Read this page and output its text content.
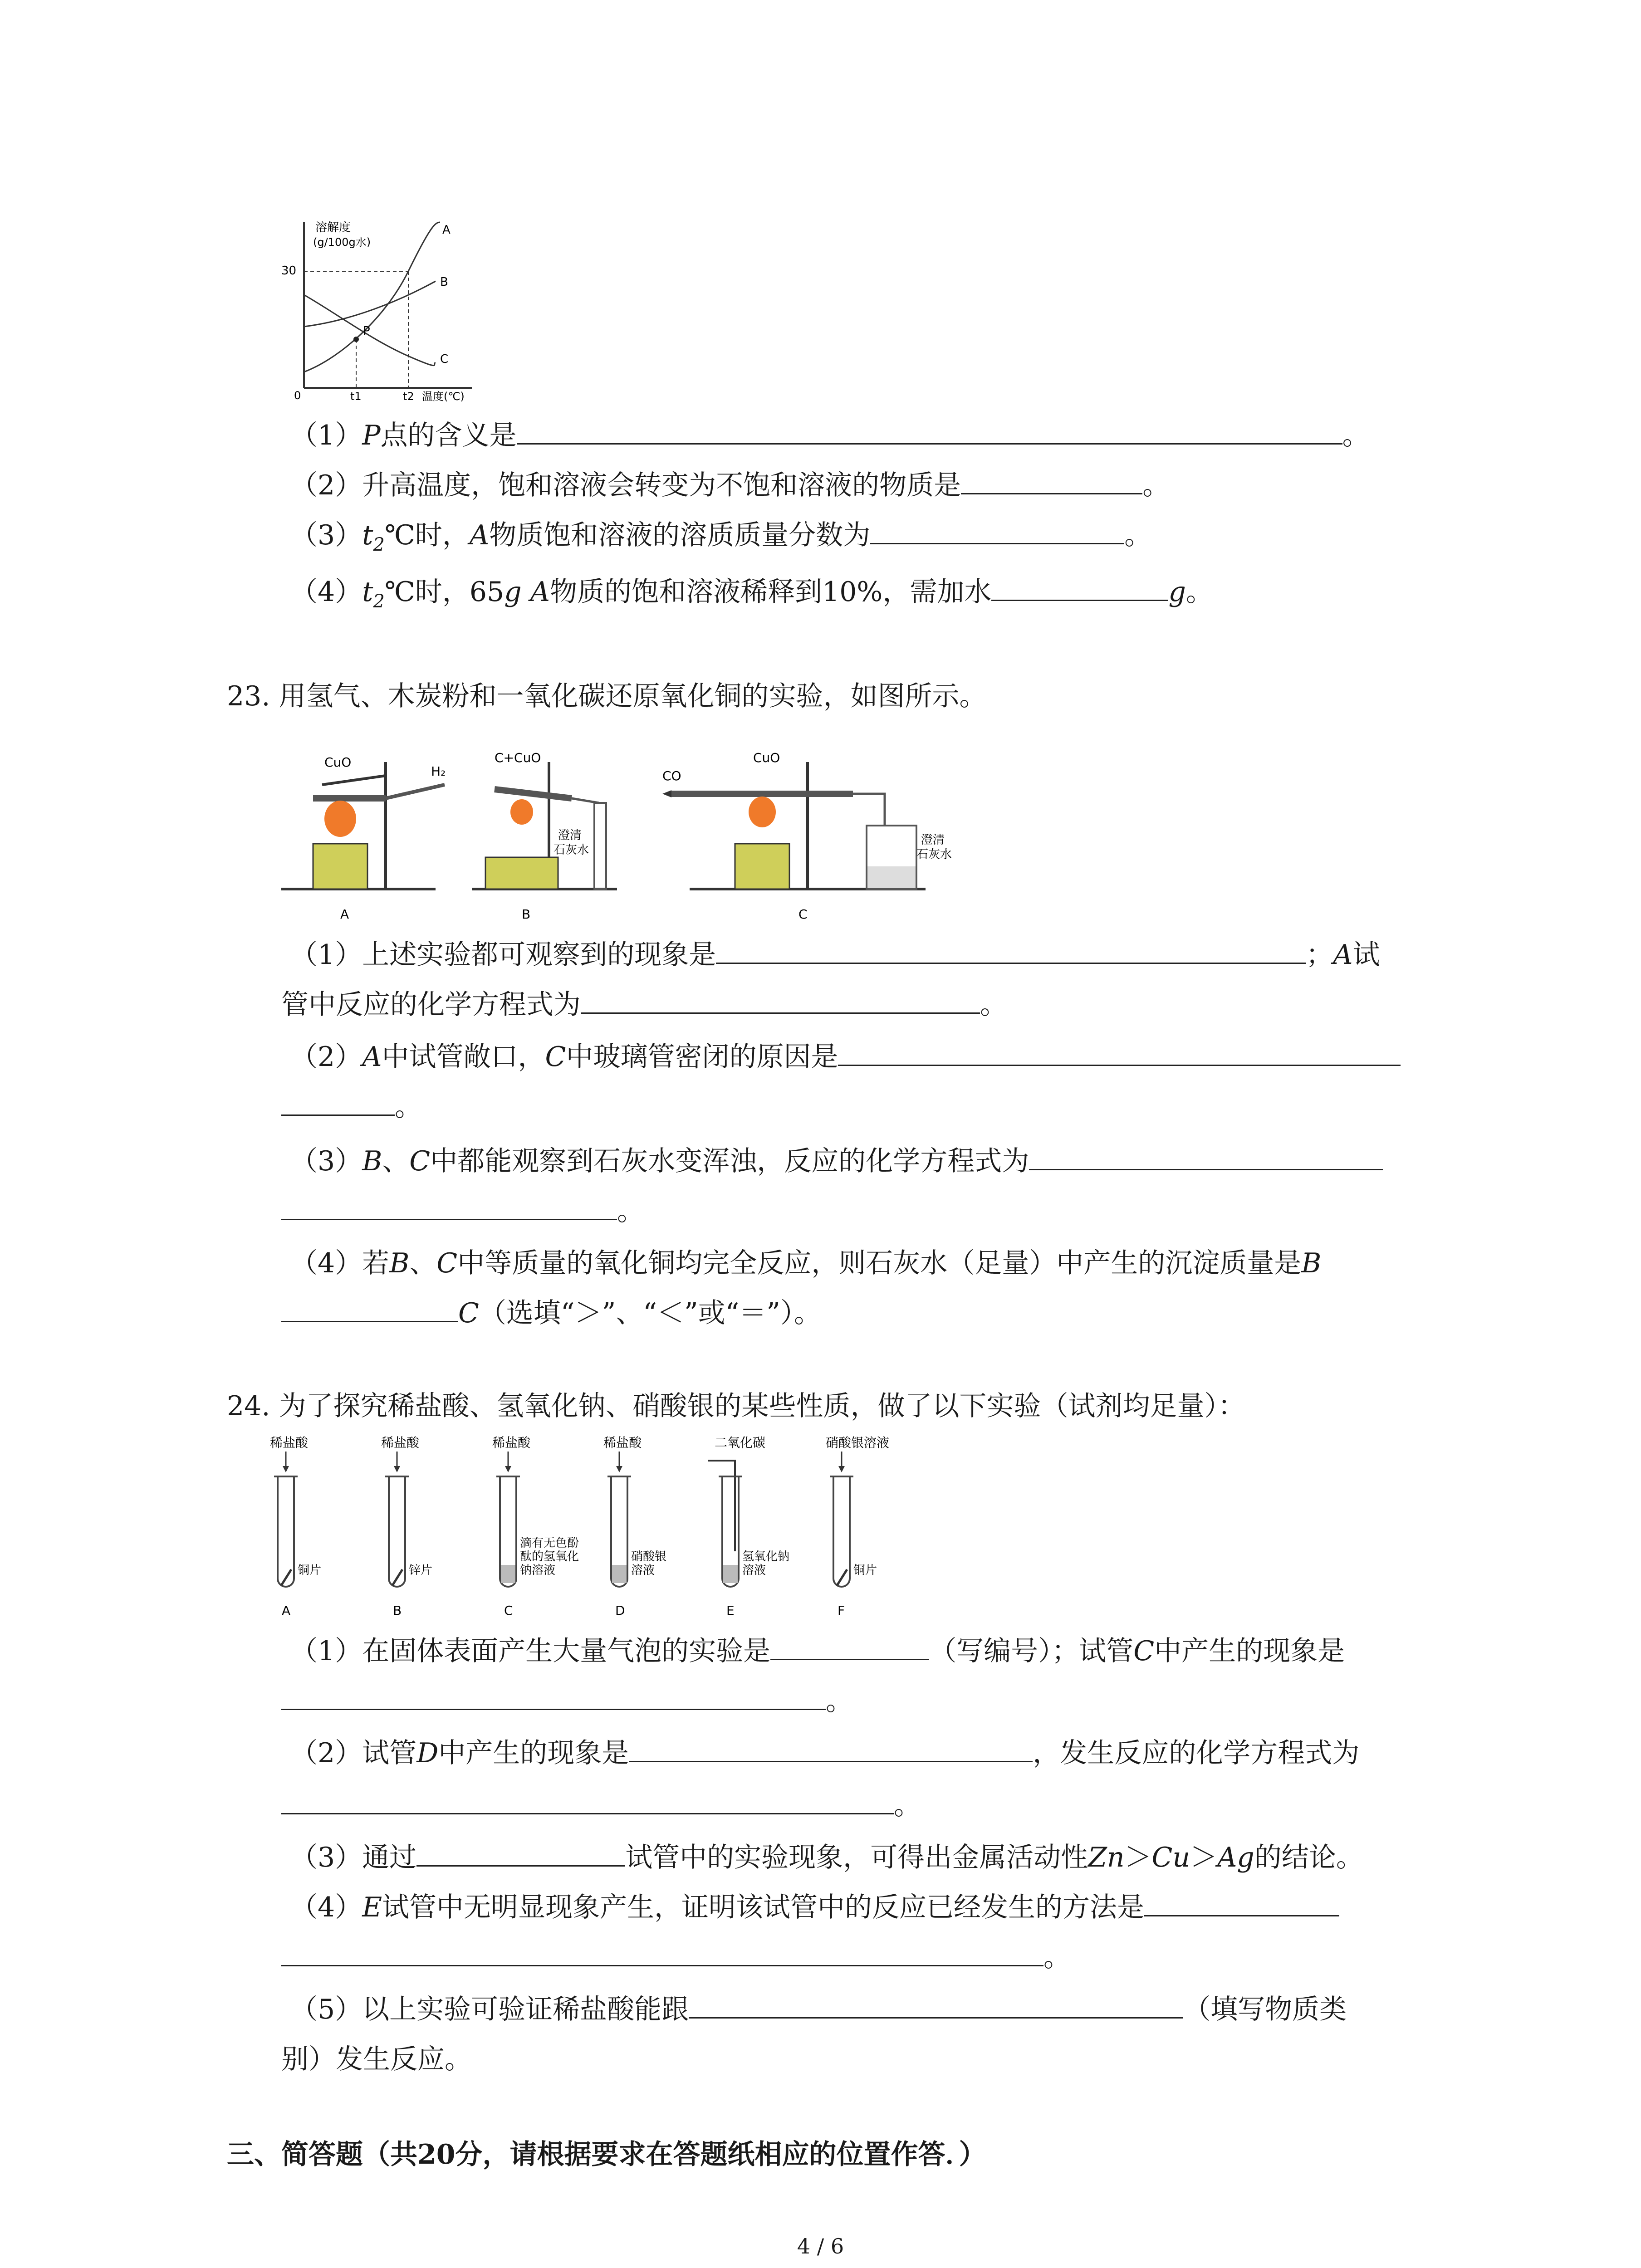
溶解度
(g/100g水)
30
A
B
C
P
0	t1	t2 温度(℃)
（1）P点的含义是	。
（2）升高温度，饱和溶液会转变为不饱和溶液的物质是	。
$(3)t_2℃$时，A物质饱和溶液的溶质质量分数为	。
$(4)t_2℃$时，65g A物质的饱和溶液稀释到10%，需加水	g。
23. 用氢气、木炭粉和一氧化碳还原氧化铜的实验，如图所示。
CuO
H₂
A
C+CuO
澄清
石灰水
B
CO
CuO
澄清
石灰水
C
（1）上述实验都可观察到的现象是	；A试
管中反应的化学方程式为	。
（2）A中试管敞口，C中玻璃管密闭的原因是
。
（3）B、C中都能观察到石灰水变浑浊，反应的化学方程式为
。
（4）若B、C中等质量的氧化铜均完全反应，则石灰水（足量）中产生的沉淀质量是B
C（选填“＞”、“＜”或“＝”）。
24. 为了探究稀盐酸、氢氧化钠、硝酸银的某些性质，做了以下实验（试剂均足量）：
稀盐酸
铜片
A
稀盐酸
锌片
B
稀盐酸
滴有无色酚
酞的氢氧化
钠溶液
C
稀盐酸
硝酸银
溶液
D
二氧化碳
氢氧化钠
溶液
E
硝酸银溶液
铜片
F
（1）在固体表面产生大量气泡的实验是	（写编号）；试管C中产生的现象是
。
（2）试管D中产生的现象是	，发生反应的化学方程式为
。
（3）通过	试管中的实验现象，可得出金属活动性Zn＞Cu＞Ag的结论。
（4）E试管中无明显现象产生，证明该试管中的反应已经发生的方法是
。
（5）以上实验可验证稀盐酸能跟	（填写物质类
别）发生反应。
三、简答题（共20分，请根据要求在答题纸相应的位置作答．）
4 / 6
